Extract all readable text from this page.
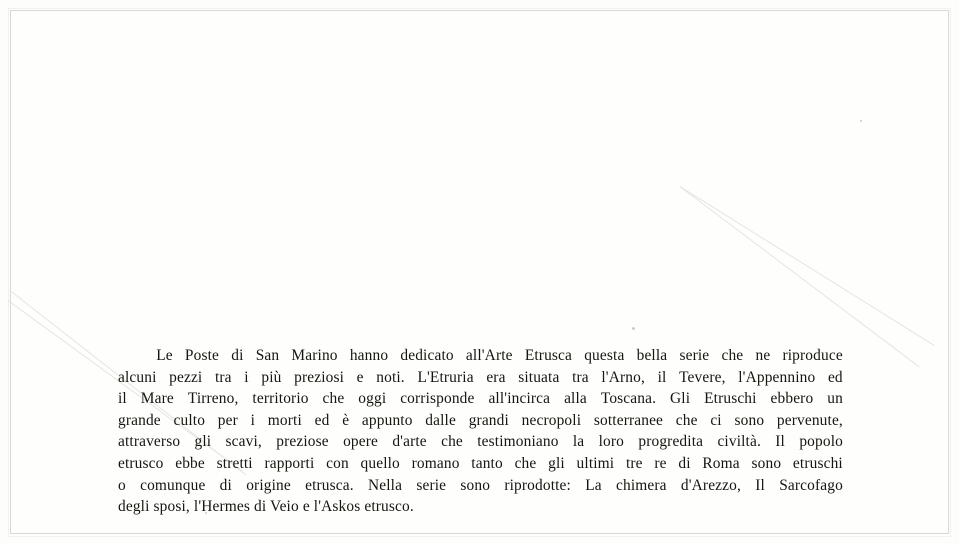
Le Poste di San Marino hanno dedicato all'Arte Etrusca questa bella serie che ne riproduce
alcuni pezzi tra i più preziosi e noti. L'Etruria era situata tra l'Arno, il Tevere, l'Appennino ed
il Mare Tirreno, territorio che oggi corrisponde all'incirca alla Toscana. Gli Etruschi ebbero un
grande culto per i morti ed è appunto dalle grandi necropoli sotterranee che ci sono pervenute,
attraverso gli scavi, preziose opere d'arte che testimoniano la loro progredita civiltà. Il popolo
etrusco ebbe stretti rapporti con quello romano tanto che gli ultimi tre re di Roma sono etruschi
o comunque di origine etrusca. Nella serie sono riprodotte: La chimera d'Arezzo, Il Sarcofago
degli sposi, l'Hermes di Veio e l'Askos etrusco.
